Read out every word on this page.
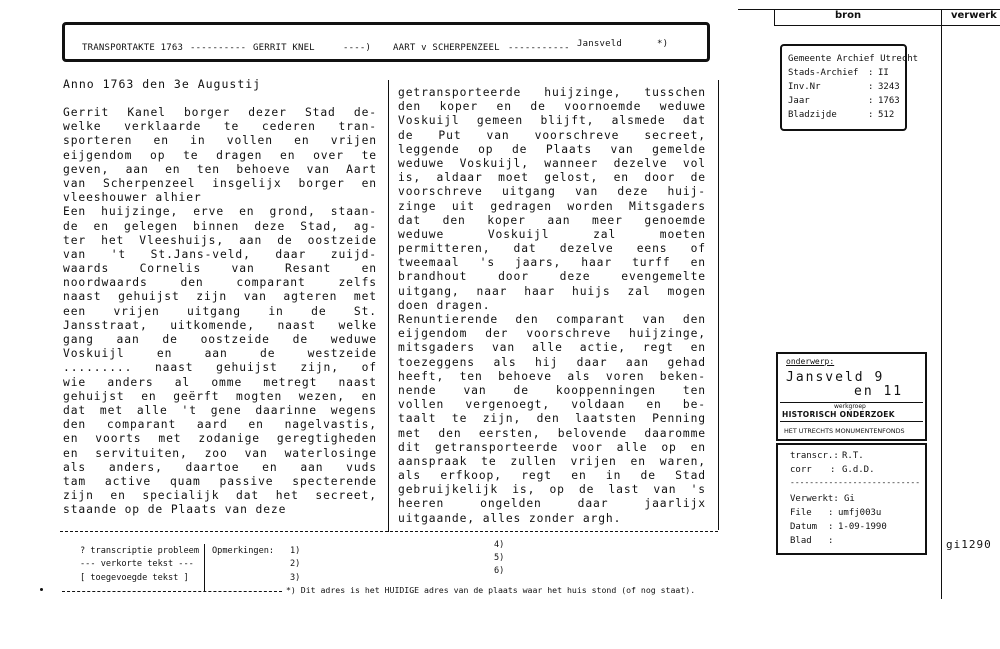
bron	verwerk
TRANSPORTAKTE 1763 ---------- GERRIT KNEL	----) AART v SCHERPENZEEL ----------- Jansveld	*)
Anno 1763 den 3e Augustij
Gerrit Kanel borger dezer Stad de-
welke verklaarde te cederen tran-
sporteren en in vollen en vrijen
eijgendom op te dragen en over te
geven, aan en ten behoeve van Aart
van Scherpenzeel insgelijx borger en
vleeshouwer alhier
Een huijzinge, erve en grond, staan-
de en gelegen binnen deze Stad, ag-
ter het Vleeshuijs, aan de oostzeide
van 't St.Jans-veld, daar zuijd-
waards Cornelis van Resant en
noordwaards den comparant zelfs
naast gehuijst zijn van agteren met
een vrijen uitgang in de St.
Jansstraat, uitkomende, naast welke
gang aan de oostzeide de weduwe
Voskuijl en aan de westzeide
......... naast gehuijst zijn, of
wie anders al omme metregt naast
gehuijst en geërft mogten wezen, en
dat met alle 't gene daarinne wegens
den comparant aard en nagelvastis,
en voorts met zodanige geregtigheden
en servituiten, zoo van waterlosinge
als anders, daartoe en aan vuds
tam active quam passive specterende
zijn en specialijk dat het secreet,
staande op de Plaats van deze
getransporteerde huijzinge, tusschen
den koper en de voornoemde weduwe
Voskuijl gemeen blijft, alsmede dat
de Put van voorschreve secreet,
leggende op de Plaats van gemelde
weduwe Voskuijl, wanneer dezelve vol
is, aldaar moet gelost, en door de
voorschreve uitgang van deze huij-
zinge uit gedragen worden Mitsgaders
dat den koper aan meer genoemde
weduwe Voskuijl zal moeten
permitteren, dat dezelve eens of
tweemaal 's jaars, haar turff en
brandhout door deze evengemelte
uitgang, naar haar huijs zal mogen
doen dragen.
Renuntierende den comparant van den
eijgendom der voorschreve huijzinge,
mitsgaders van alle actie, regt en
toezeggens als hij daar aan gehad
heeft, ten behoeve als voren beken-
nende van de kooppenningen ten
vollen vergenoegt, voldaan en be-
taalt te zijn, den laatsten Penning
met den eersten, belovende daaromme
dit getransporteerde voor alle op en
aanspraak te zullen vrijen en waren,
als erfkoop, regt en in de Stad
gebruijkelijk is, op de last van 's
heeren ongelden daar jaarlijx
uitgaande, alles zonder argh.
? transcriptie probleem
--- verkorte tekst ---
[ toegevoegde tekst ]
Opmerkingen: 1)
2)
3)
4)
5)
6)
*) Dit adres is het HUIDIGE adres van de plaats waar het huis stond (of nog staat).
Gemeente Archief Utrecht
Stads-Archief II
Inv.Nr	3243
Jaar	1763
Bladzijde	512
:
:
:
:
onderwerp:
Jansveld 9
en 11
werkgroep
HISTORISCH ONDERZOEK
HET UTRECHTS MONUMENTENFONDS
transcr.: R.T.
corr : G.d.D.
---------------------------
Verwerkt: Gi
File : umfj003u
Datum : 1-09-1990
Blad :	gi1290
